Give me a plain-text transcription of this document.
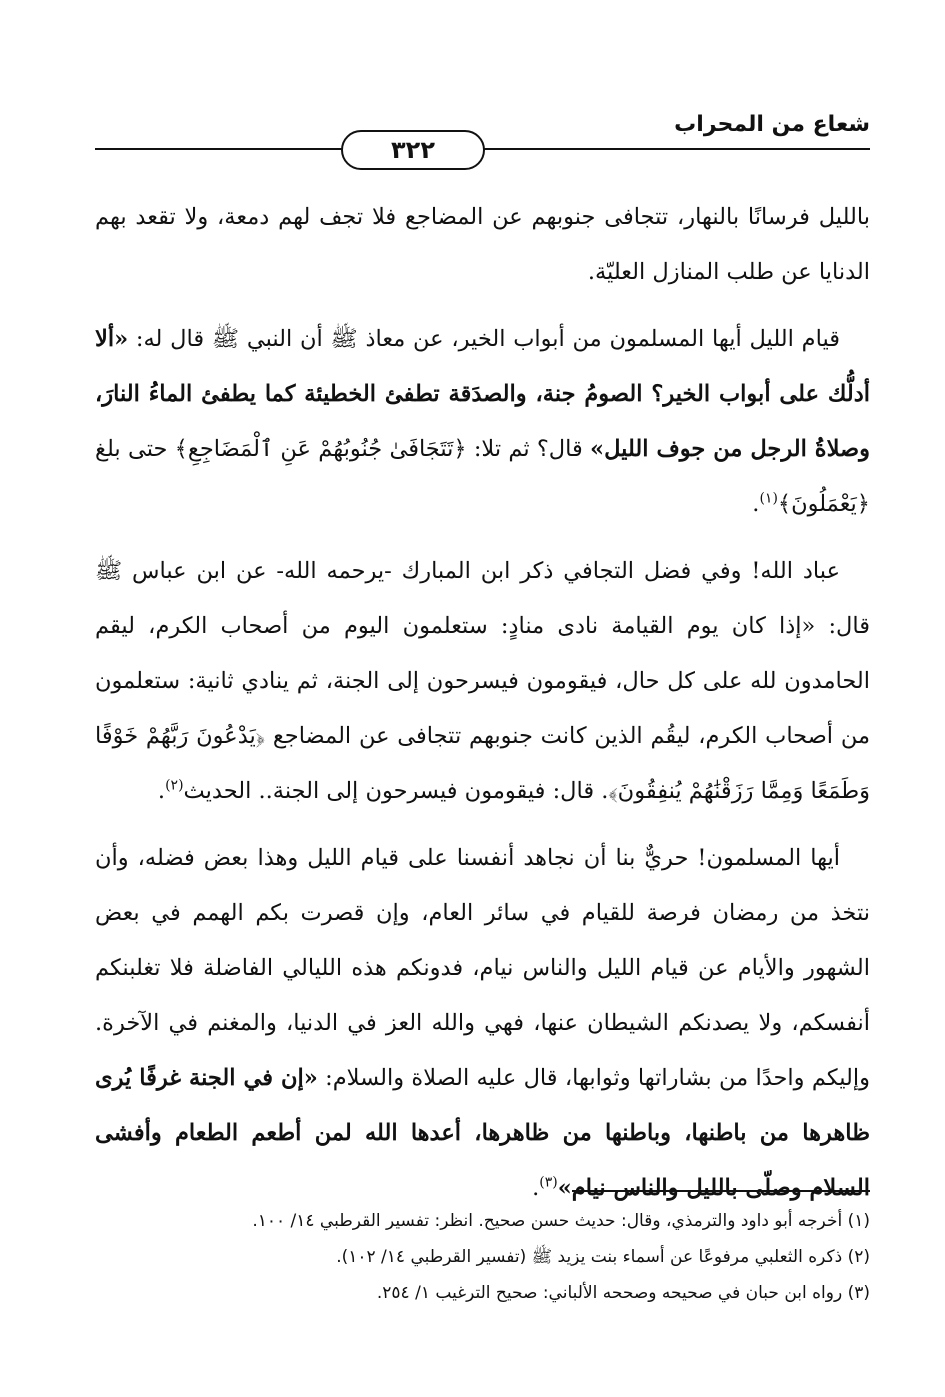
شعاع من المحراب
٣٢٢

بالليل فرسانًا بالنهار، تتجافى جنوبهم عن المضاجع فلا تجف لهم دمعة، ولا تقعد بهم الدنايا عن طلب المنازل العليّة.

قيام الليل أيها المسلمون من أبواب الخير، عن معاذ ﷺ أن النبي ﷺ قال له: «ألا أدلُّك على أبواب الخير؟ الصومُ جنة، والصدَقة تطفئ الخطيئة كما يطفئ الماءُ النارَ، وصلاةُ الرجل من جوف الليل» قال؟ ثم تلا: ﴿تَتَجَافَىٰ جُنُوبُهُمْ عَنِ ٱلْمَضَاجِعِ﴾ حتى بلغ ﴿يَعْمَلُونَ﴾$^{(١)}$.

عباد الله! وفي فضل التجافي ذكر ابن المبارك -يرحمه الله- عن ابن عباس ﷺ قال: «إذا كان يوم القيامة نادى منادٍ: ستعلمون اليوم من أصحاب الكرم، ليقم الحامدون لله على كل حال، فيقومون فيسرحون إلى الجنة، ثم ينادي ثانية: ستعلمون من أصحاب الكرم، ليقُم الذين كانت جنوبهم تتجافى عن المضاجع ﴿يَدْعُونَ رَبَّهُمْ خَوْفًا وَطَمَعًا وَمِمَّا رَزَقْنَٰهُمْ يُنفِقُونَ﴾. قال: فيقومون فيسرحون إلى الجنة.. الحديث$^{(٢)}$.

أيها المسلمون! حريٌّ بنا أن نجاهد أنفسنا على قيام الليل وهذا بعض فضله، وأن نتخذ من رمضان فرصة للقيام في سائر العام، وإن قصرت بكم الهمم في بعض الشهور والأيام عن قيام الليل والناس نيام، فدونكم هذه الليالي الفاضلة فلا تغلبنكم أنفسكم، ولا يصدنكم الشيطان عنها، فهي والله العز في الدنيا، والمغنم في الآخرة. وإليكم واحدًا من بشاراتها وثوابها، قال عليه الصلاة والسلام: «إن في الجنة غرفًا يُرى ظاهرها من باطنها، وباطنها من ظاهرها، أعدها الله لمن أطعم الطعام وأفشى السلام وصلّى بالليل والناس نيام»$^{(٣)}$.

(١) أخرجه أبو داود والترمذي، وقال: حديث حسن صحيح. انظر: تفسير القرطبي ١٤/ ١٠٠.
(٢) ذكره الثعلبي مرفوعًا عن أسماء بنت يزيد ﷺ (تفسير القرطبي ١٤/ ١٠٢).
(٣) رواه ابن حبان في صحيحه وصححه الألباني: صحيح الترغيب ١/ ٢٥٤.
